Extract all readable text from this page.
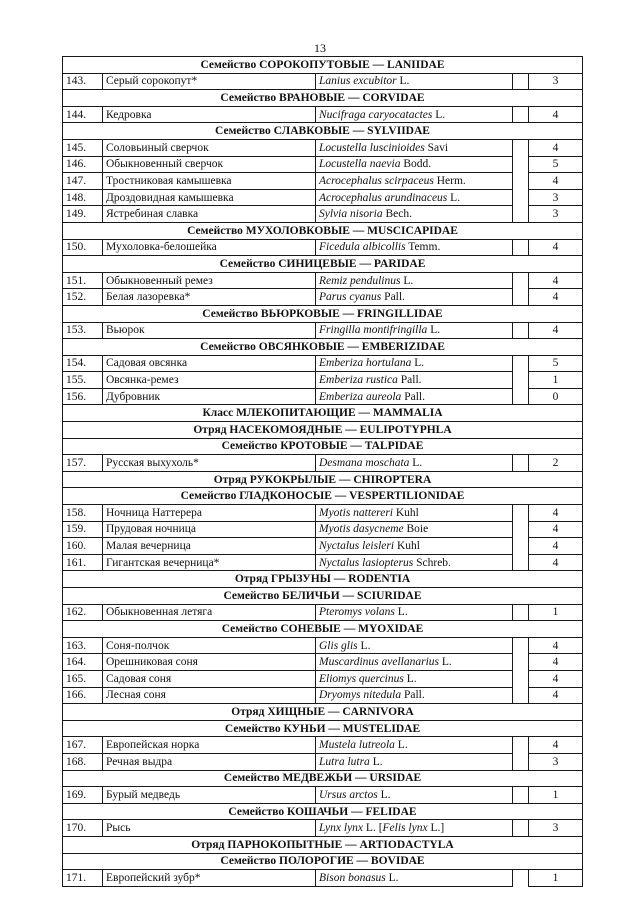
13
Семейство СОРОКОПУТОВЫЕ — LANIIDAE				
143.	Серый сорокопут*	Lanius excubitor L.		3
Семейство ВРАНОВЫЕ — CORVIDAE				
144.	Кедровка	Nucifraga caryocatactes L.		4
Семейство СЛАВКОВЫЕ — SYLVIIDAE				
145.	Соловьиный сверчок	Locustella luscinioides Savi		4
146.	Обыкновенный сверчок	Locustella naevia Bodd.		5
147.	Тростниковая камышевка	Acrocephalus scirpaceus Herm.		4
148.	Дроздовидная камышевка	Acrocephalus arundinaceus L.		3
149.	Ястребиная славка	Sylvia nisoria Bech.		3
Семейство МУХОЛОВКОВЫЕ — MUSCICAPIDAE				
150.	Мухоловка-белошейка	Ficedula albicollis Temm.		4
Семейство СИНИЦЕВЫЕ — PARIDAE				
151.	Обыкновенный ремез	Remiz pendulinus L.		4
152.	Белая лазоревка*	Parus cyanus Pall.		4
Семейство ВЬЮРКОВЫЕ — FRINGILLIDAE				
153.	Вьюрок	Fringilla montifringilla L.		4
Семейство ОВСЯНКОВЫЕ — EMBERIZIDAE				
154.	Садовая овсянка	Emberiza hortulana L.		5
155.	Овсянка-ремез	Emberiza rustica Pall.		1
156.	Дубровник	Emberiza aureola Pall.		0
Класс МЛЕКОПИТАЮЩИЕ — MAMMALIA				
Отряд НАСЕКОМОЯДНЫЕ — EULIPOTYPHLA				
Семейство КРОТОВЫЕ — TALPIDAE				
157.	Русская выхухоль*	Desmana moschata L.		2
Отряд РУКОКРЫЛЫЕ — CHIROPTERA				
Семейство ГЛАДКОНОСЫЕ — VESPERTILIONIDAE				
158.	Ночница Наттерера	Myotis nattereri Kuhl		4
159.	Прудовая ночница	Myotis dasycneme Boie		4
160.	Малая вечерница	Nyctalus leisleri Kuhl		4
161.	Гигантская вечерница*	Nyctalus lasiopterus Schreb.		4
Отряд ГРЫЗУНЫ — RODENTIA				
Семейство БЕЛИЧЬИ — SCIURIDAE				
162.	Обыкновенная летяга	Pteromys volans L.		1
Семейство СОНЕВЫЕ — MYOXIDAE				
163.	Соня-полчок	Glis glis L.		4
164.	Орешниковая соня	Muscardinus avellanarius L.		4
165.	Садовая соня	Eliomys quercinus L.		4
166.	Лесная соня	Dryomys nitedula Pall.		4
Отряд ХИЩНЫЕ — CARNIVORA				
Семейство КУНЬИ — MUSTELIDAE				
167.	Европейская норка	Mustela lutreola L.		4
168.	Речная выдра	Lutra lutra L.		3
Семейство МЕДВЕЖЬИ — URSIDAE				
169.	Бурый медведь	Ursus arctos L.		1
Семейство КОШАЧЬИ — FELIDAE				
170.	Рысь	Lynx lynx L. [Felis lynx L.]		3
Отряд ПАРНОКОПЫТНЫЕ — ARTIODACTYLA				
Семейство ПОЛОРОГИЕ — BOVIDAE				
171.	Европейский зубр*	Bison bonasus L.		1
